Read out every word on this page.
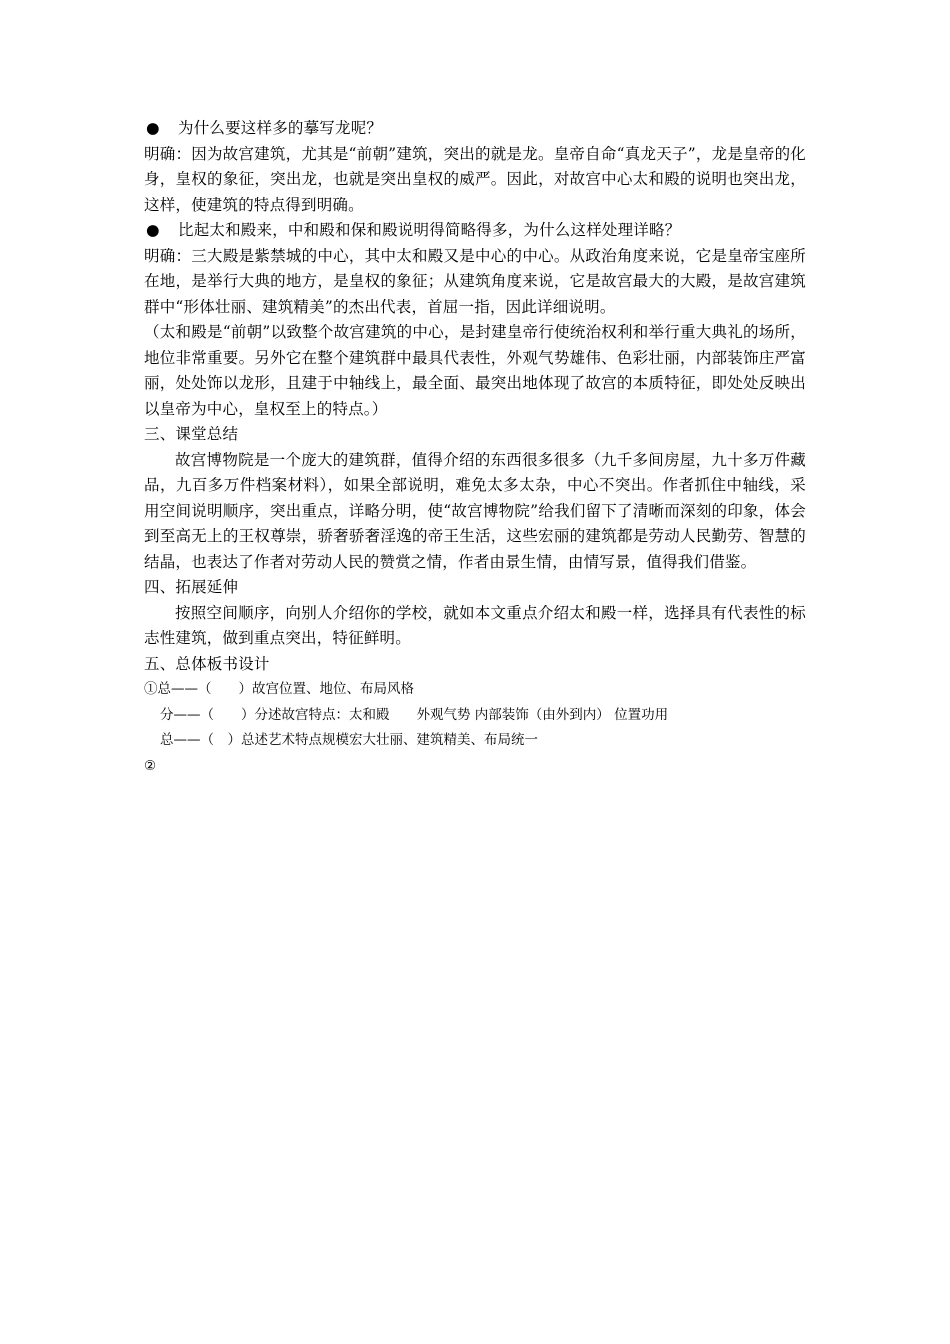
● 为什么要这样多的摹写龙呢？
明确：因为故宫建筑，尤其是“前朝”建筑，突出的就是龙。皇帝自命“真龙天子”，龙是皇帝的化身，皇权的象征，突出龙，也就是突出皇权的威严。因此，对故宫中心太和殿的说明也突出龙，这样，使建筑的特点得到明确。
● 比起太和殿来，中和殿和保和殿说明得简略得多，为什么这样处理详略？
明确：三大殿是紫禁城的中心，其中太和殿又是中心的中心。从政治角度来说，它是皇帝宝座所在地，是举行大典的地方，是皇权的象征；从建筑角度来说，它是故宫最大的大殿，是故宫建筑群中“形体壮丽、建筑精美”的杰出代表，首屈一指，因此详细说明。
（太和殿是“前朝”以致整个故宫建筑的中心，是封建皇帝行使统治权利和举行重大典礼的场所，地位非常重要。另外它在整个建筑群中最具代表性，外观气势雄伟、色彩壮丽，内部装饰庄严富丽，处处饰以龙形，且建于中轴线上，最全面、最突出地体现了故宫的本质特征，即处处反映出以皇帝为中心，皇权至上的特点。）
三、课堂总结
故宫博物院是一个庞大的建筑群，值得介绍的东西很多很多（九千多间房屋，九十多万件藏品，九百多万件档案材料），如果全部说明，难免太多太杂，中心不突出。作者抓住中轴线，采用空间说明顺序，突出重点，详略分明，使“故宫博物院”给我们留下了清晰而深刻的印象，体会到至高无上的王权尊崇，骄奢骄奢淫逸的帝王生活，这些宏丽的建筑都是劳动人民勤劳、智慧的结晶，也表达了作者对劳动人民的赞赏之情，作者由景生情，由情写景，值得我们借鉴。
四、拓展延伸
按照空间顺序，向别人介绍你的学校，就如本文重点介绍太和殿一样，选择具有代表性的标志性建筑，做到重点突出，特征鲜明。
五、总体板书设计
①总——（　　）故宫位置、地位、布局风格
分——（　　）分述故宫特点：太和殿　　外观气势 内部装饰（由外到内） 位置功用
总——（　）总述艺术特点规模宏大壮丽、建筑精美、布局统一
②
